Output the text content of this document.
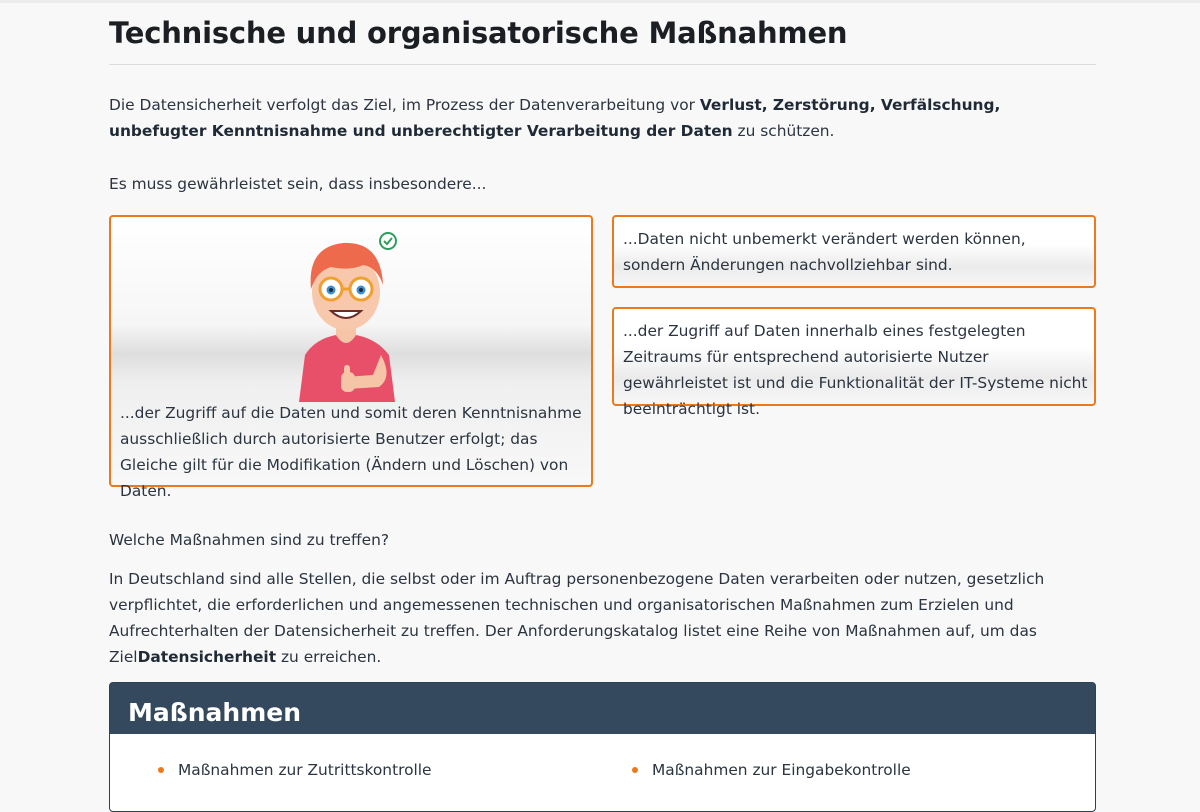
Technische und organisatorische Maßnahmen

Die Datensicherheit verfolgt das Ziel, im Prozess der Datenverarbeitung vor Verlust, Zerstörung, Verfälschung, unbefugter Kenntnisnahme und unberechtigter Verarbeitung der Daten zu schützen.

Es muss gewährleistet sein, dass insbesondere...

...der Zugriff auf die Daten und somit deren Kenntnisnahme ausschließlich durch autorisierte Benutzer erfolgt; das Gleiche gilt für die Modifikation (Ändern und Löschen) von Daten.
...Daten nicht unbemerkt verändert werden können, sondern Änderungen nachvollziehbar sind.
...der Zugriff auf Daten innerhalb eines festgelegten Zeitraums für entsprechend autorisierte Nutzer gewährleistet ist und die Funktionalität der IT-Systeme nicht beeinträchtigt ist.

Welche Maßnahmen sind zu treffen?

In Deutschland sind alle Stellen, die selbst oder im Auftrag personenbezogene Daten verarbeiten oder nutzen, gesetzlich verpflichtet, die erforderlichen und angemessenen technischen und organisatorischen Maßnahmen zum Erzielen und Aufrechterhalten der Datensicherheit zu treffen. Der Anforderungskatalog listet eine Reihe von Maßnahmen auf, um das ZielDatensicherheit zu erreichen.

Maßnahmen
Maßnahmen zur Zutrittskontrolle	Maßnahmen zur Eingabekontrolle
